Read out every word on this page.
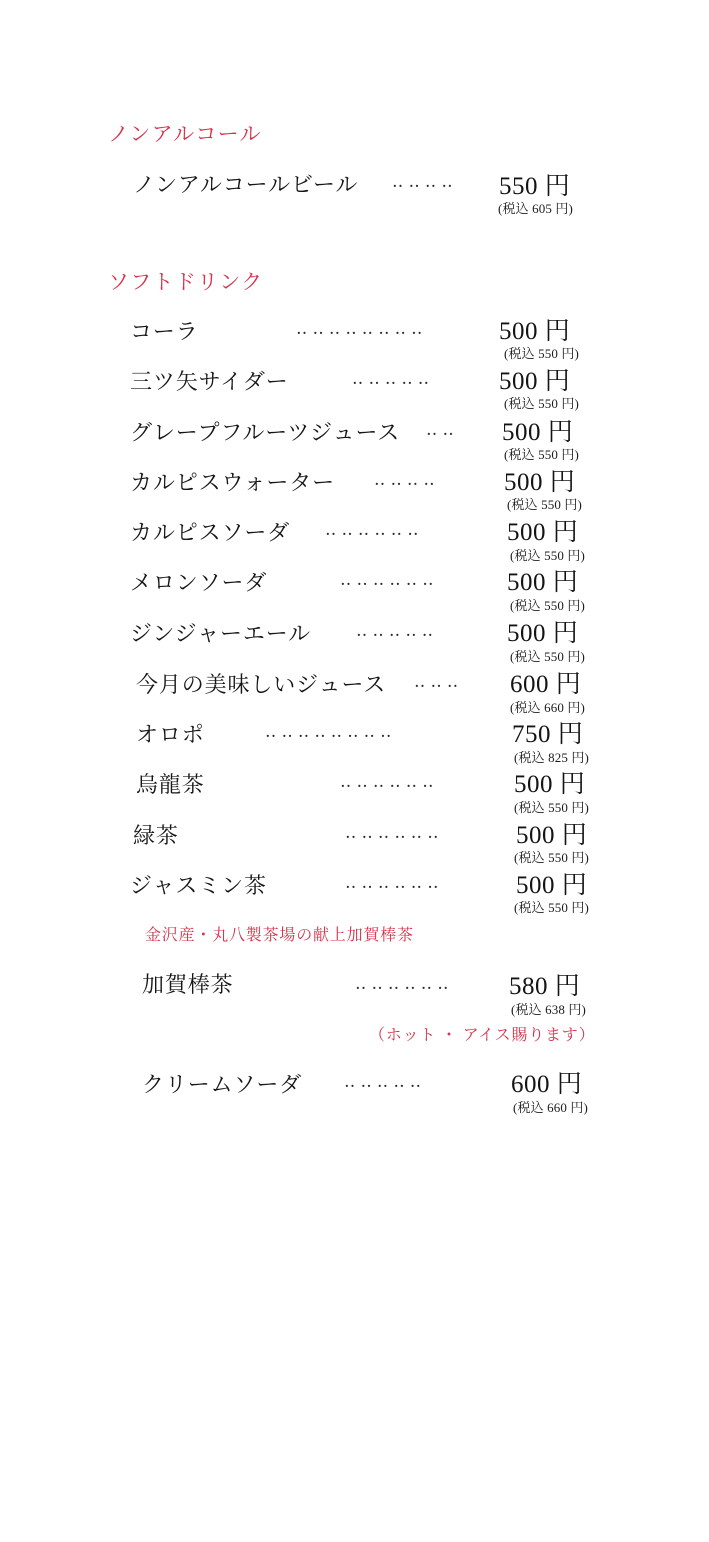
ノンアルコール
ノンアルコールビール ‥‥‥‥ 550 円
(税込 605 円)
ソフトドリンク
コーラ	‥‥‥‥‥‥‥‥	500 円
(税込 550 円)
三ツ矢サイダー	‥‥‥‥‥	500 円
(税込 550 円)
グレープフルーツジュース ‥‥ 500 円
(税込 550 円)
カルピスウォーター ‥‥‥‥	500 円
(税込 550 円)
カルピスソーダ ‥‥‥‥‥‥	500 円
(税込 550 円)
メロンソーダ	‥‥‥‥‥‥	500 円
(税込 550 円)
ジンジャーエール	‥‥‥‥‥	500 円
(税込 550 円)
今月の美味しいジュース ‥‥‥ 600 円
(税込 660 円)
オロポ	‥‥‥‥‥‥‥‥	750 円
(税込 825 円)
烏龍茶	‥‥‥‥‥‥	500 円
(税込 550 円)
緑茶	‥‥‥‥‥‥	500 円
(税込 550 円)
ジャスミン茶	‥‥‥‥‥‥	500 円
(税込 550 円)
金沢産・丸八製茶場の献上加賀棒茶
加賀棒茶	‥‥‥‥‥‥ 580 円
(税込 638 円)
（ホット ・ アイス賜ります）
クリームソーダ ‥‥‥‥‥	600 円
(税込 660 円)
